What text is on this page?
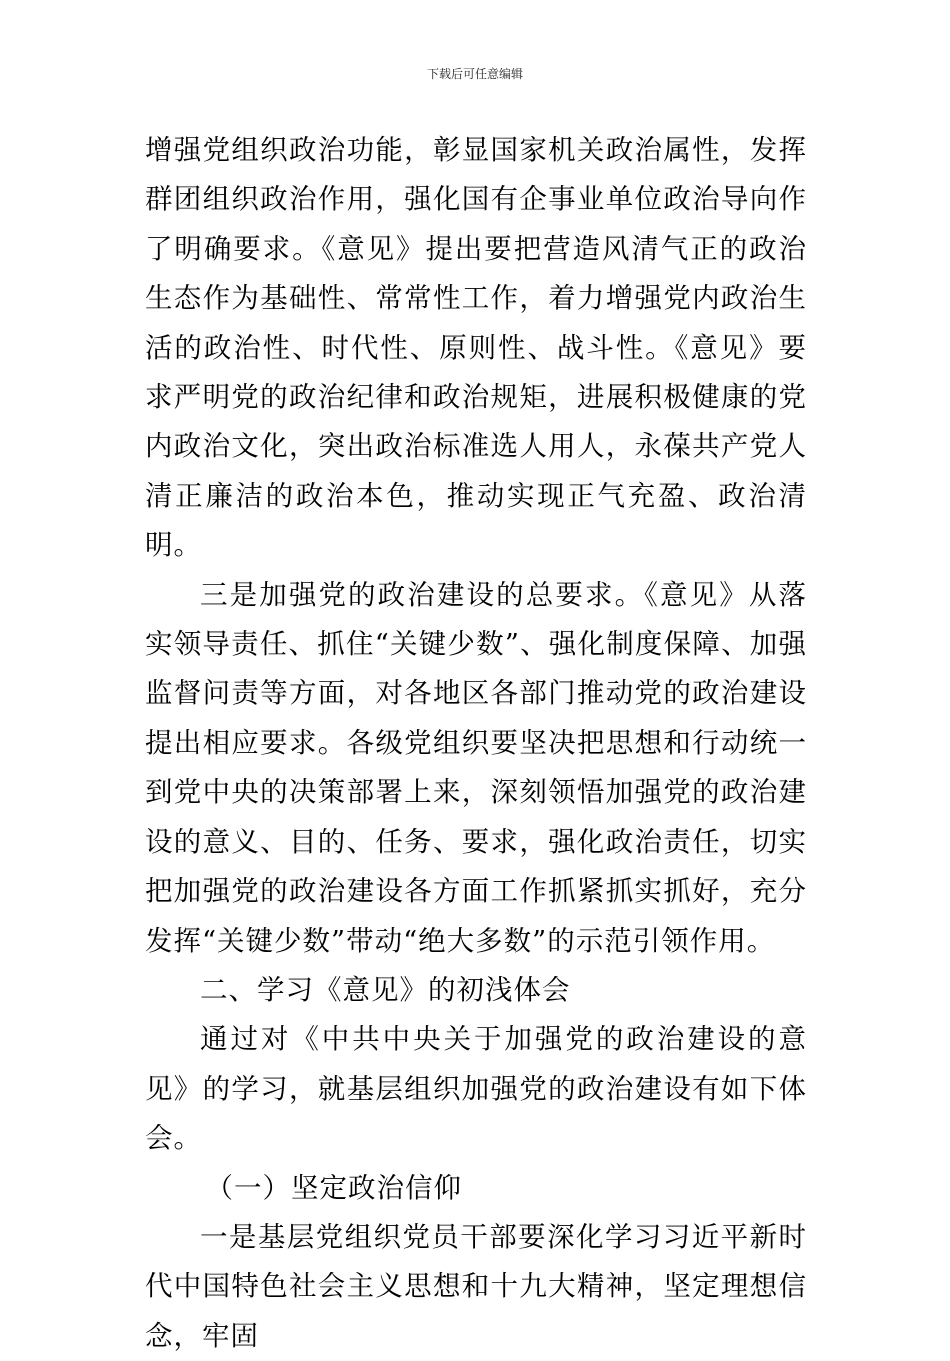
下载后可任意编辑

增强党组织政治功能，彰显国家机关政治属性，发挥群团组织政治作用，强化国有企事业单位政治导向作了明确要求。《意见》提出要把营造风清气正的政治生态作为基础性、常常性工作，着力增强党内政治生活的政治性、时代性、原则性、战斗性。《意见》要求严明党的政治纪律和政治规矩，进展积极健康的党内政治文化，突出政治标准选人用人，永葆共产党人清正廉洁的政治本色，推动实现正气充盈、政治清明。

三是加强党的政治建设的总要求。《意见》从落实领导责任、抓住“关键少数”、强化制度保障、加强监督问责等方面，对各地区各部门推动党的政治建设提出相应要求。各级党组织要坚决把思想和行动统一到党中央的决策部署上来，深刻领悟加强党的政治建设的意义、目的、任务、要求，强化政治责任，切实把加强党的政治建设各方面工作抓紧抓实抓好，充分发挥“关键少数”带动“绝大多数”的示范引领作用。

二、学习《意见》的初浅体会

通过对《中共中央关于加强党的政治建设的意见》的学习，就基层组织加强党的政治建设有如下体会。

（一）坚定政治信仰

一是基层党组织党员干部要深化学习习近平新时代中国特色社会主义思想和十九大精神，坚定理想信念，牢固
